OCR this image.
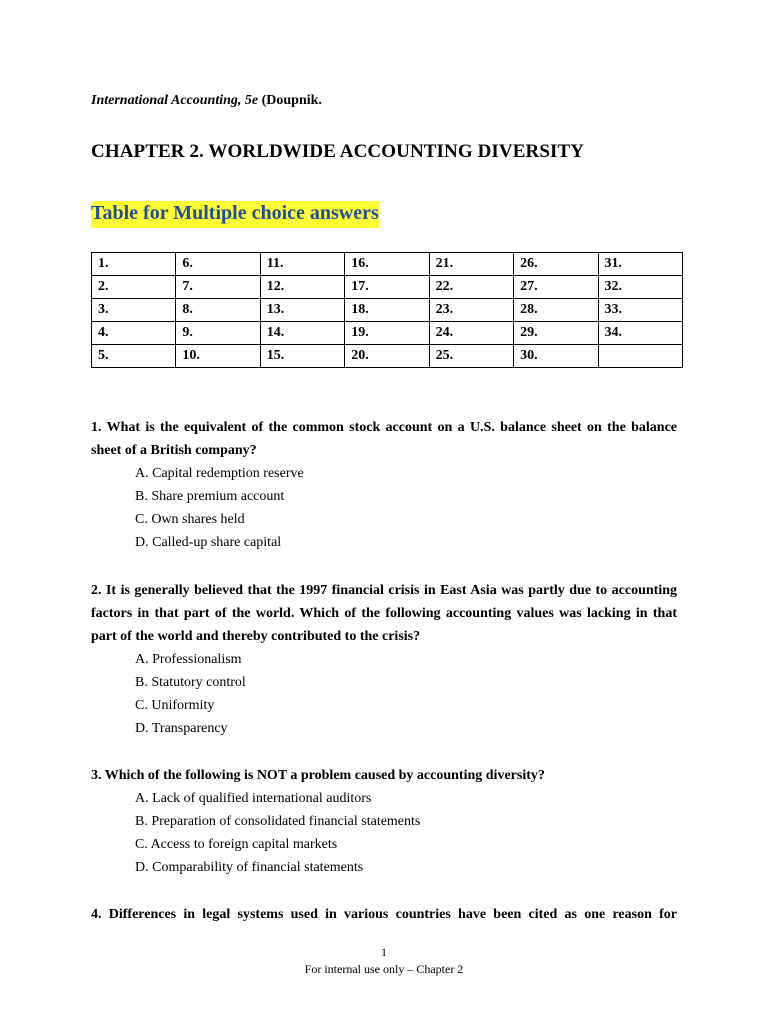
International Accounting, 5e (Doupnik.
CHAPTER 2. WORLDWIDE ACCOUNTING DIVERSITY
Table for Multiple choice answers
1.	6.	11.	16.	21.	26.	31.
2.	7.	12.	17.	22.	27.	32.
3.	8.	13.	18.	23.	28.	33.
4.	9.	14.	19.	24.	29.	34.
5.	10.	15.	20.	25.	30.	
1. What is the equivalent of the common stock account on a U.S. balance sheet on the balance sheet of a British company?
A. Capital redemption reserve
B. Share premium account
C. Own shares held
D. Called-up share capital
2. It is generally believed that the 1997 financial crisis in East Asia was partly due to accounting factors in that part of the world. Which of the following accounting values was lacking in that part of the world and thereby contributed to the crisis?
A. Professionalism
B. Statutory control
C. Uniformity
D. Transparency
3. Which of the following is NOT a problem caused by accounting diversity?
A. Lack of qualified international auditors
B. Preparation of consolidated financial statements
C. Access to foreign capital markets
D. Comparability of financial statements
4. Differences in legal systems used in various countries have been cited as one reason for
1
For internal use only – Chapter 2
